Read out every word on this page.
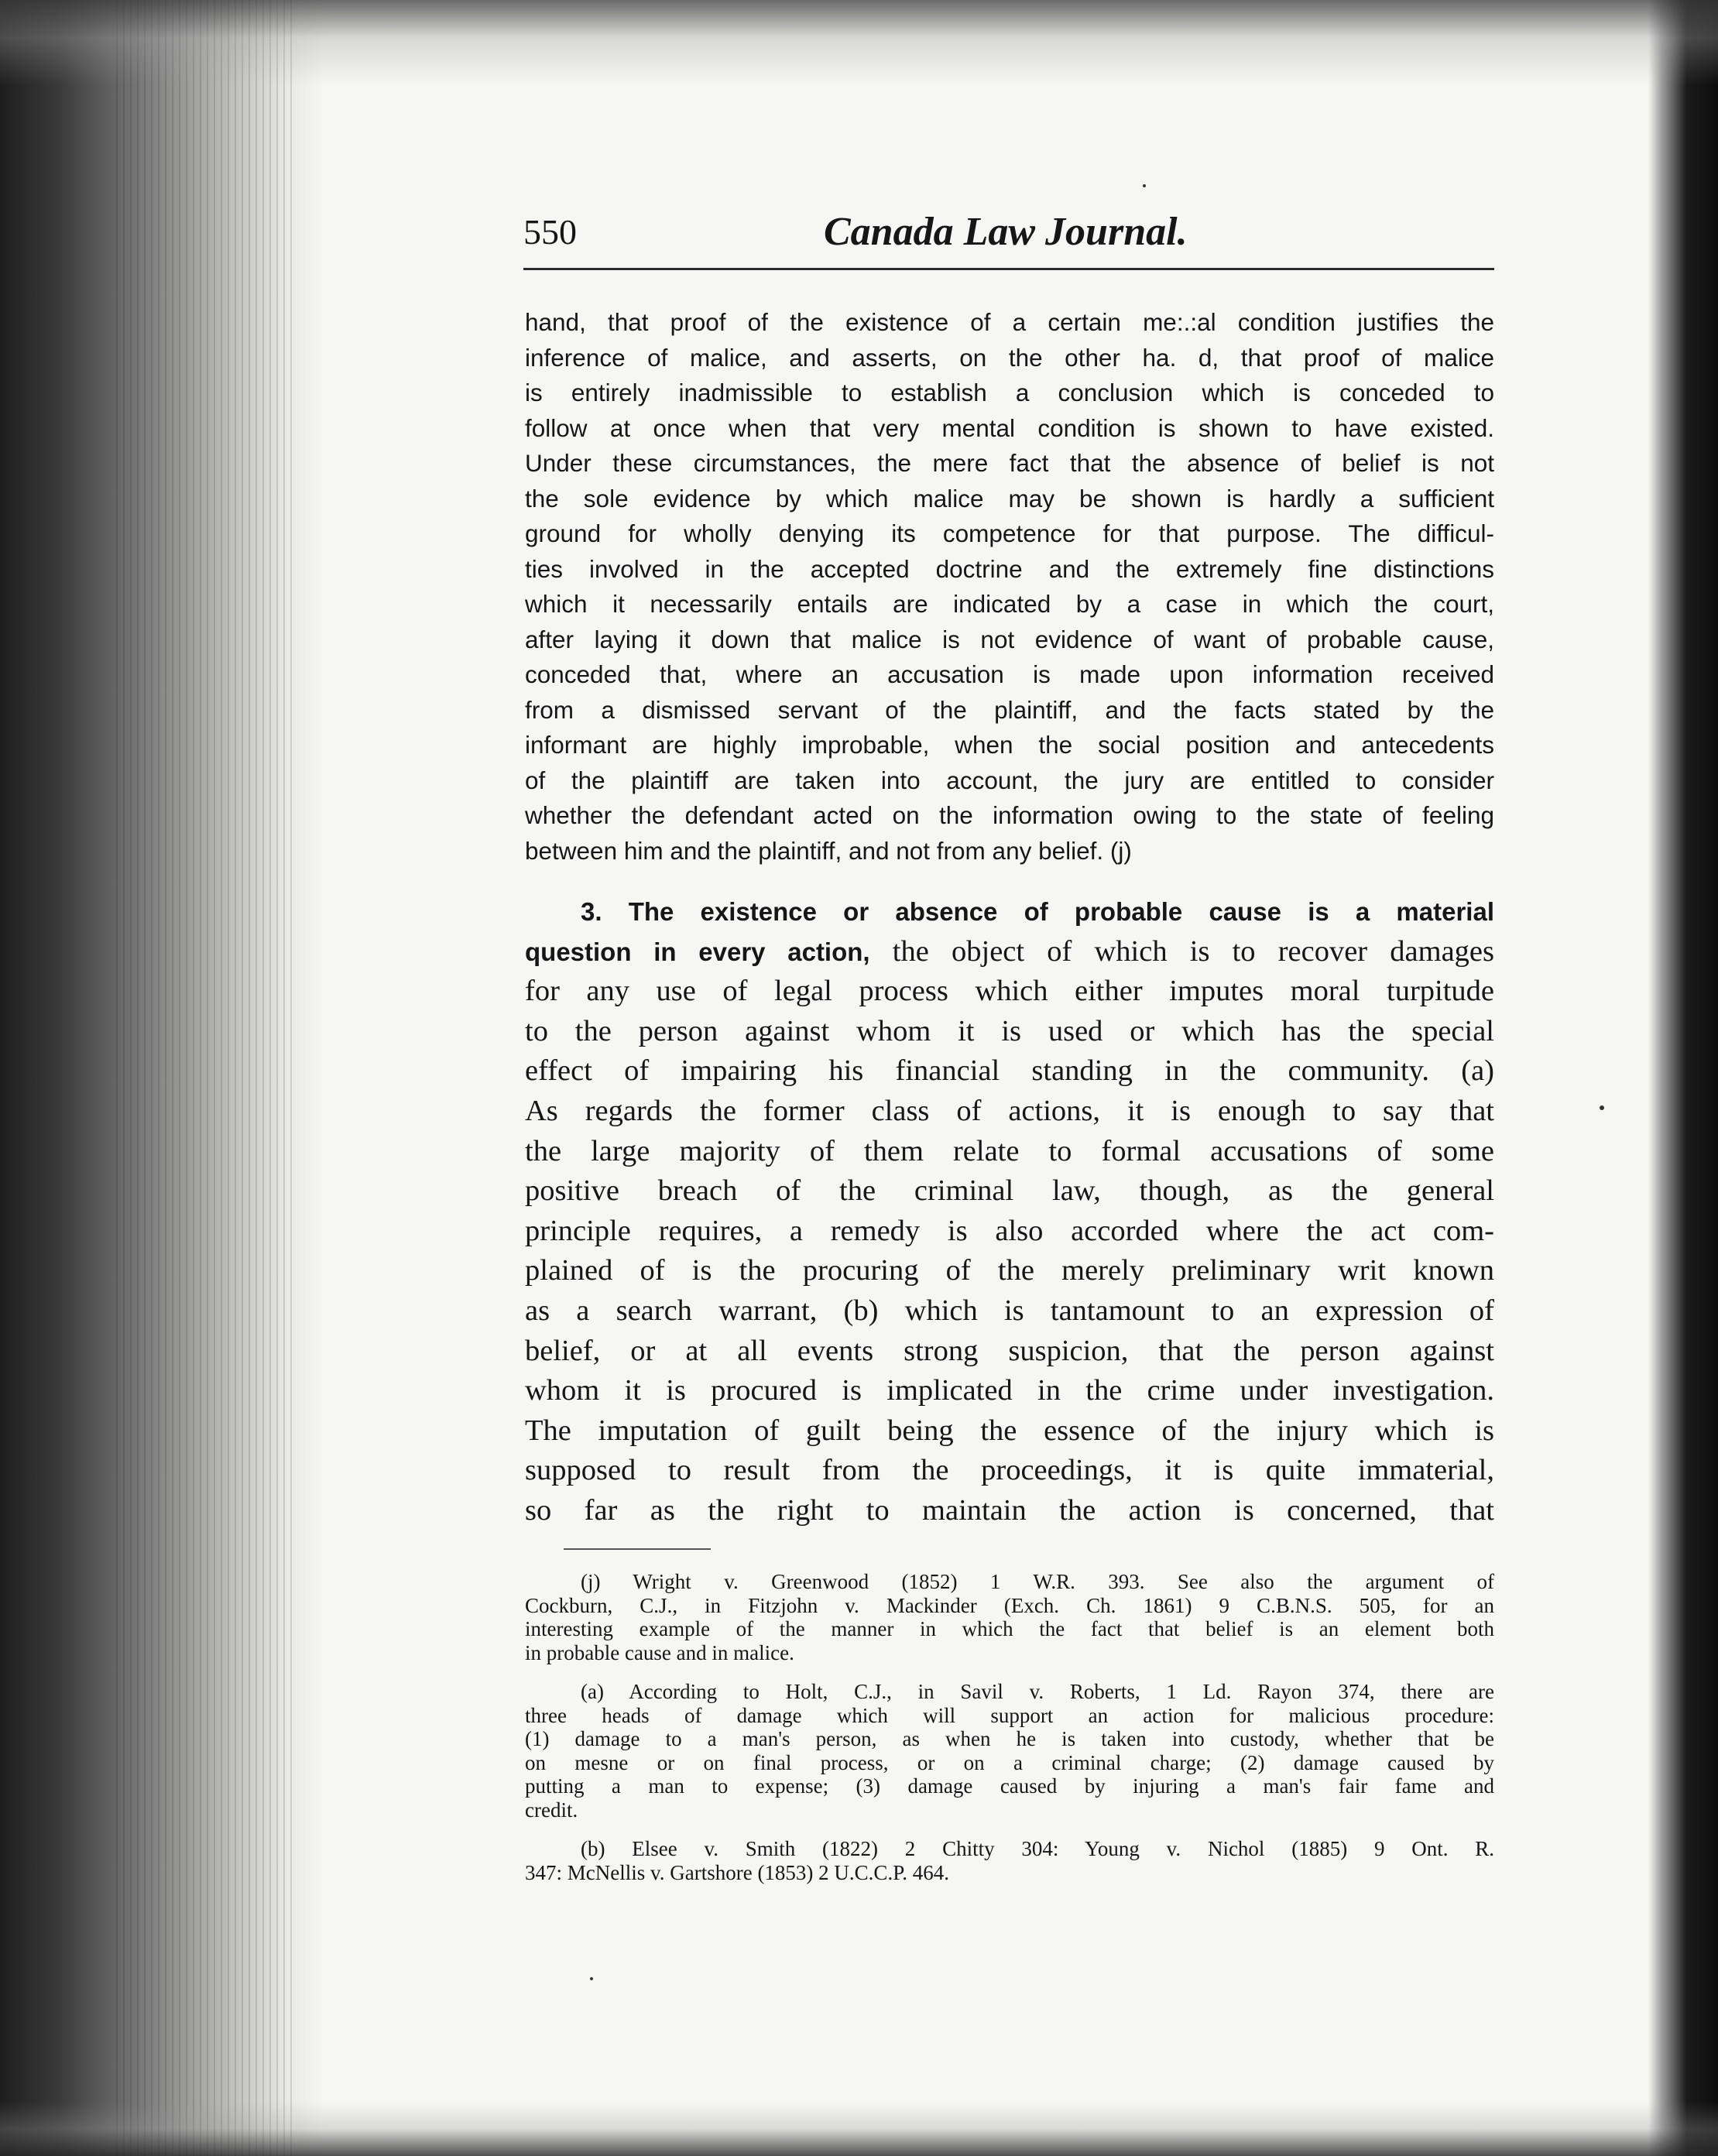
550	Canada Law Journal.
hand, that proof of the existence of a certain me:.:al condition justifies the
inference of malice, and asserts, on the other ha. d, that proof of malice
is entirely inadmissible to establish a conclusion which is conceded to
follow at once when that very mental condition is shown to have existed.
Under these circumstances, the mere fact that the absence of belief is not
the sole evidence by which malice may be shown is hardly a sufficient
ground for wholly denying its competence for that purpose. The difficul-
ties involved in the accepted doctrine and the extremely fine distinctions
which it necessarily entails are indicated by a case in which the court,
after laying it down that malice is not evidence of want of probable cause,
conceded that, where an accusation is made upon information received
from a dismissed servant of the plaintiff, and the facts stated by the
informant are highly improbable, when the social position and antecedents
of the plaintiff are taken into account, the jury are entitled to consider
whether the defendant acted on the information owing to the state of feeling
between him and the plaintiff, and not from any belief. (j)
3. The existence or absence of probable cause is a material
question in every action, the object of which is to recover damages
for any use of legal process which either imputes moral turpitude
to the person against whom it is used or which has the special
effect of impairing his financial standing in the community. (a)
As regards the former class of actions, it is enough to say that
the large majority of them relate to formal accusations of some
positive breach of the criminal law, though, as the general
principle requires, a remedy is also accorded where the act com-
plained of is the procuring of the merely preliminary writ known
as a search warrant, (b) which is tantamount to an expression of
belief, or at all events strong suspicion, that the person against
whom it is procured is implicated in the crime under investigation.
The imputation of guilt being the essence of the injury which is
supposed to result from the proceedings, it is quite immaterial,
so far as the right to maintain the action is concerned, that
(j) Wright v. Greenwood (1852) 1 W.R. 393. See also the argument of
Cockburn, C.J., in Fitzjohn v. Mackinder (Exch. Ch. 1861) 9 C.B.N.S. 505, for an
interesting example of the manner in which the fact that belief is an element both
in probable cause and in malice.
(a) According to Holt, C.J., in Savil v. Roberts, 1 Ld. Rayon 374, there are
three heads of damage which will support an action for malicious procedure:
(1) damage to a man's person, as when he is taken into custody, whether that be
on mesne or on final process, or on a criminal charge; (2) damage caused by
putting a man to expense; (3) damage caused by injuring a man's fair fame and
credit.
(b) Elsee v. Smith (1822) 2 Chitty 304: Young v. Nichol (1885) 9 Ont. R.
347: McNellis v. Gartshore (1853) 2 U.C.C.P. 464.
